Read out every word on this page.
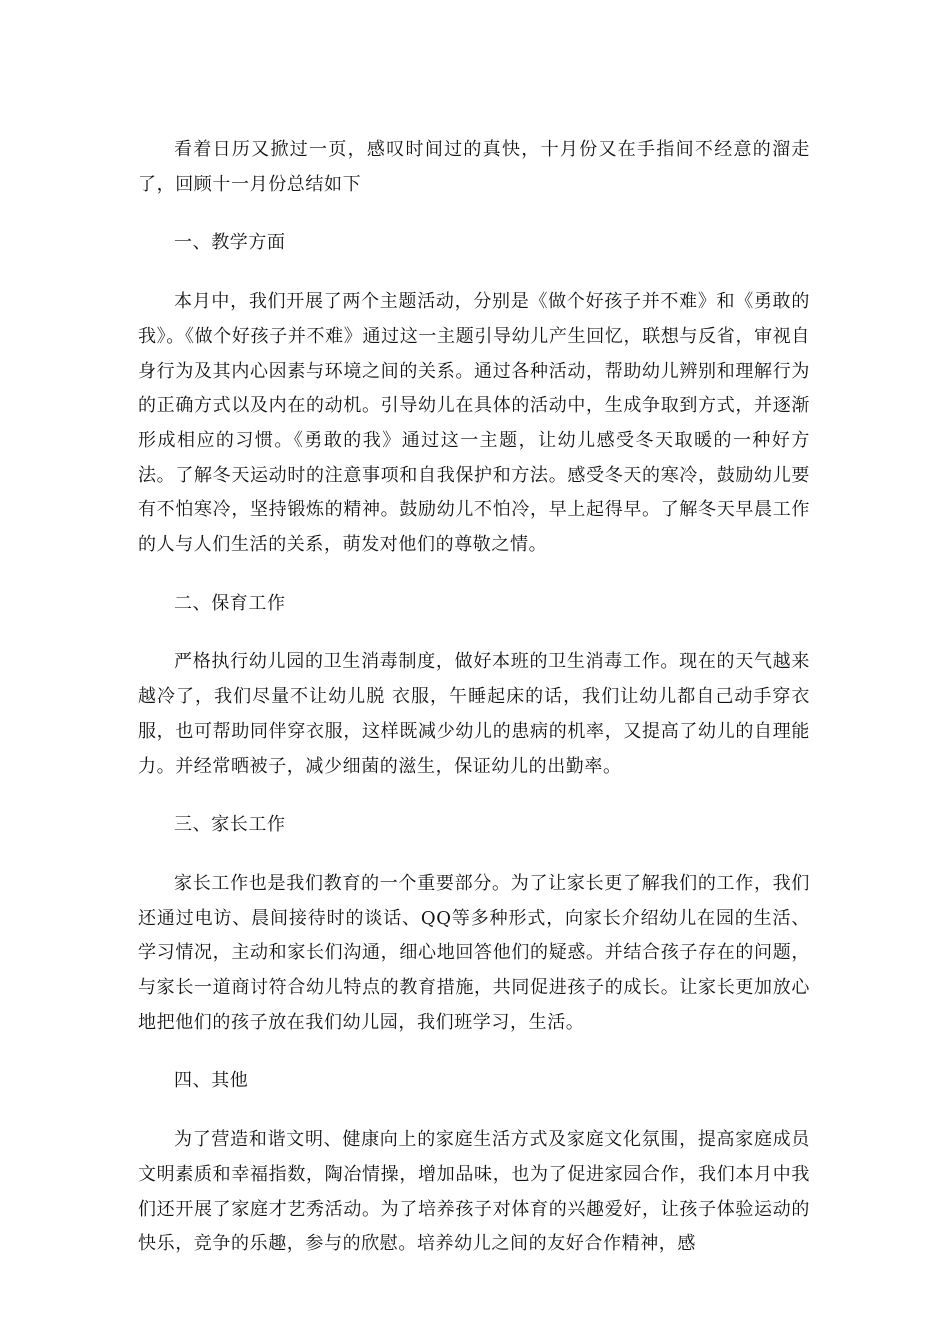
看着日历又掀过一页，感叹时间过的真快，十月份又在手指间不经意的溜走了，回顾十一月份总结如下

一、教学方面

本月中，我们开展了两个主题活动，分别是《做个好孩子并不难》和《勇敢的我》。《做个好孩子并不难》通过这一主题引导幼儿产生回忆，联想与反省，审视自身行为及其内心因素与环境之间的关系。通过各种活动，帮助幼儿辨别和理解行为的正确方式以及内在的动机。引导幼儿在具体的活动中，生成争取到方式，并逐渐形成相应的习惯。《勇敢的我》通过这一主题，让幼儿感受冬天取暖的一种好方法。了解冬天运动时的注意事项和自我保护和方法。感受冬天的寒冷，鼓励幼儿要有不怕寒冷，坚持锻炼的精神。鼓励幼儿不怕冷，早上起得早。了解冬天早晨工作的人与人们生活的关系，萌发对他们的尊敬之情。

二、保育工作

严格执行幼儿园的卫生消毒制度，做好本班的卫生消毒工作。现在的天气越来越冷了，我们尽量不让幼儿脱 衣服，午睡起床的话，我们让幼儿都自己动手穿衣服，也可帮助同伴穿衣服，这样既减少幼儿的患病的机率，又提高了幼儿的自理能力。并经常晒被子，减少细菌的滋生，保证幼儿的出勤率。

三、家长工作

家长工作也是我们教育的一个重要部分。为了让家长更了解我们的工作，我们还通过电访、晨间接待时的谈话、QQ等多种形式，向家长介绍幼儿在园的生活、学习情况，主动和家长们沟通，细心地回答他们的疑惑。并结合孩子存在的问题，与家长一道商讨符合幼儿特点的教育措施，共同促进孩子的成长。让家长更加放心地把他们的孩子放在我们幼儿园，我们班学习，生活。

四、其他

为了营造和谐文明、健康向上的家庭生活方式及家庭文化氛围，提高家庭成员文明素质和幸福指数，陶冶情操，增加品味，也为了促进家园合作，我们本月中我们还开展了家庭才艺秀活动。为了培养孩子对体育的兴趣爱好，让孩子体验运动的快乐，竞争的乐趣，参与的欣慰。培养幼儿之间的友好合作精神，感
